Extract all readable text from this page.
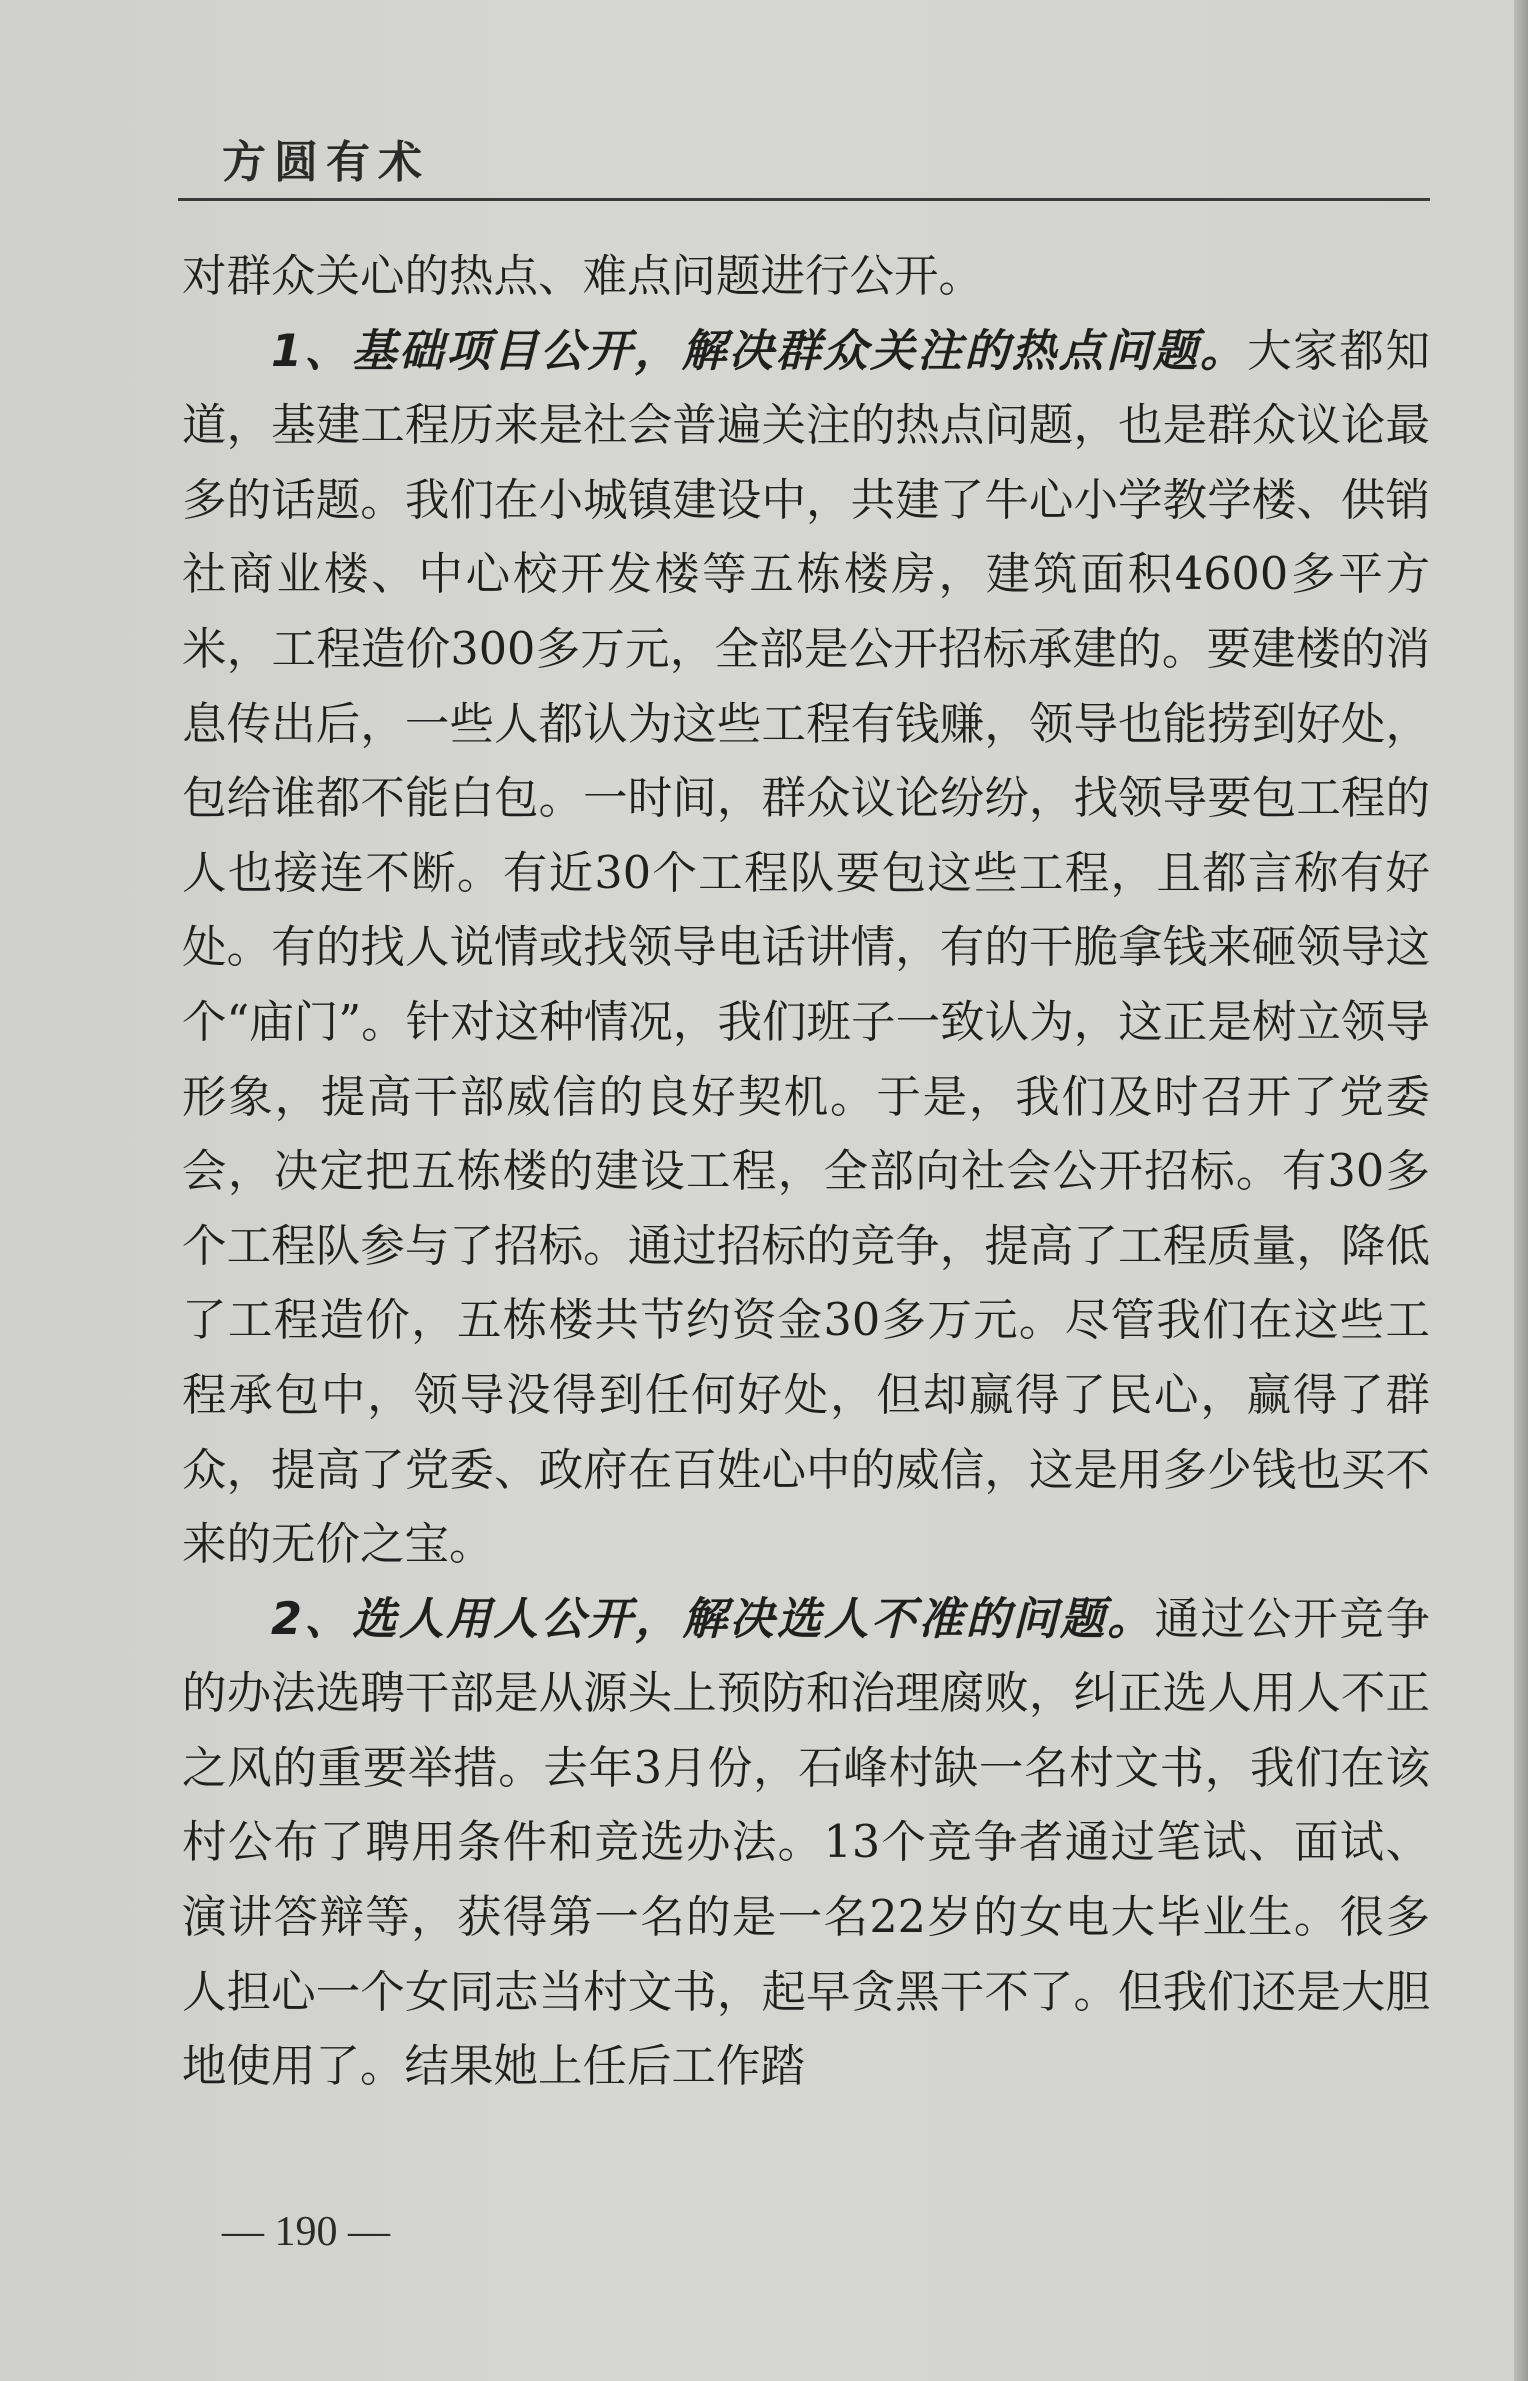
方圆有术

对群众关心的热点、难点问题进行公开。

1、基础项目公开，解决群众关注的热点问题。大家都知道，基建工程历来是社会普遍关注的热点问题，也是群众议论最多的话题。我们在小城镇建设中，共建了牛心小学教学楼、供销社商业楼、中心校开发楼等五栋楼房，建筑面积4600多平方米，工程造价300多万元，全部是公开招标承建的。要建楼的消息传出后，一些人都认为这些工程有钱赚，领导也能捞到好处，包给谁都不能白包。一时间，群众议论纷纷，找领导要包工程的人也接连不断。有近30个工程队要包这些工程，且都言称有好处。有的找人说情或找领导电话讲情，有的干脆拿钱来砸领导这个“庙门”。针对这种情况，我们班子一致认为，这正是树立领导形象，提高干部威信的良好契机。于是，我们及时召开了党委会，决定把五栋楼的建设工程，全部向社会公开招标。有30多个工程队参与了招标。通过招标的竞争，提高了工程质量，降低了工程造价，五栋楼共节约资金30多万元。尽管我们在这些工程承包中，领导没得到任何好处，但却赢得了民心，赢得了群众，提高了党委、政府在百姓心中的威信，这是用多少钱也买不来的无价之宝。

2、选人用人公开，解决选人不准的问题。通过公开竞争的办法选聘干部是从源头上预防和治理腐败，纠正选人用人不正之风的重要举措。去年3月份，石峰村缺一名村文书，我们在该村公布了聘用条件和竞选办法。13个竞争者通过笔试、面试、演讲答辩等，获得第一名的是一名22岁的女电大毕业生。很多人担心一个女同志当村文书，起早贪黑干不了。但我们还是大胆地使用了。结果她上任后工作踏

— 190 —
